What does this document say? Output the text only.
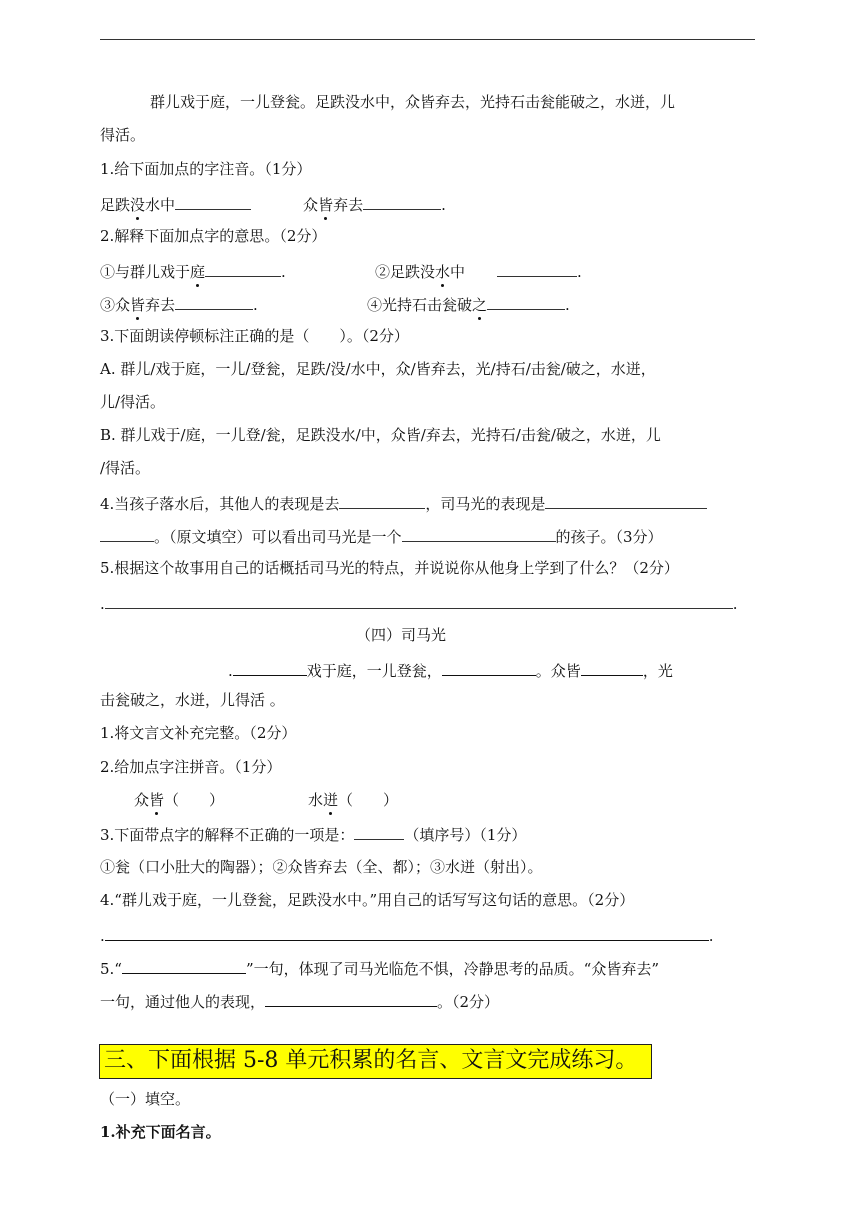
群儿戏于庭，一儿登瓮。足跌没水中，众皆弃去，光持石击瓮能破之，水迸，儿
得活。
1.给下面加点的字注音。（1分）
足跌没水中	众皆弃去	.
2.解释下面加点字的意思。（2分）
①与群儿戏于庭	.	②足跌没水中	.
③众皆弃去	.	④光持石击瓮破之	.
3.下面朗读停顿标注正确的是（　　）。（2分）
A. 群儿/戏于庭，一儿/登瓮，足跌/没/水中，众/皆弃去，光/持石/击瓮/破之，水迸，
儿/得活。
B. 群儿戏于/庭，一儿登/瓮，足跌没水/中，众皆/弃去，光持石/击瓮/破之，水迸，儿
/得活。
4.当孩子落水后，其他人的表现是去	，司马光的表现是
。（原文填空）可以看出司马光是一个	的孩子。（3分）
5.根据这个故事用自己的话概括司马光的特点，并说说你从他身上学到了什么？（2分）
.	.
（四）司马光
.	戏于庭，一儿登瓮，	。众皆	，光
击瓮破之，水迸，儿得活 。
1.将文言文补充完整。（2分）
2.给加点字注拼音。（1分）
众皆（　　）	水迸（　　）
3.下面带点字的解释不正确的一项是：	（填序号）（1分）
①瓮（口小肚大的陶器）；②众皆弃去（全、都）；③水迸（射出）。
4.“群儿戏于庭，一儿登瓮，足跌没水中。”用自己的话写写这句话的意思。（2分）
.	.
5.“	”一句，体现了司马光临危不惧，冷静思考的品质。“众皆弃去”
一句，通过他人的表现，	。（2分）
三、下面根据 5-8 单元积累的名言、文言文完成练习。
（一）填空。
1.补充下面名言。
